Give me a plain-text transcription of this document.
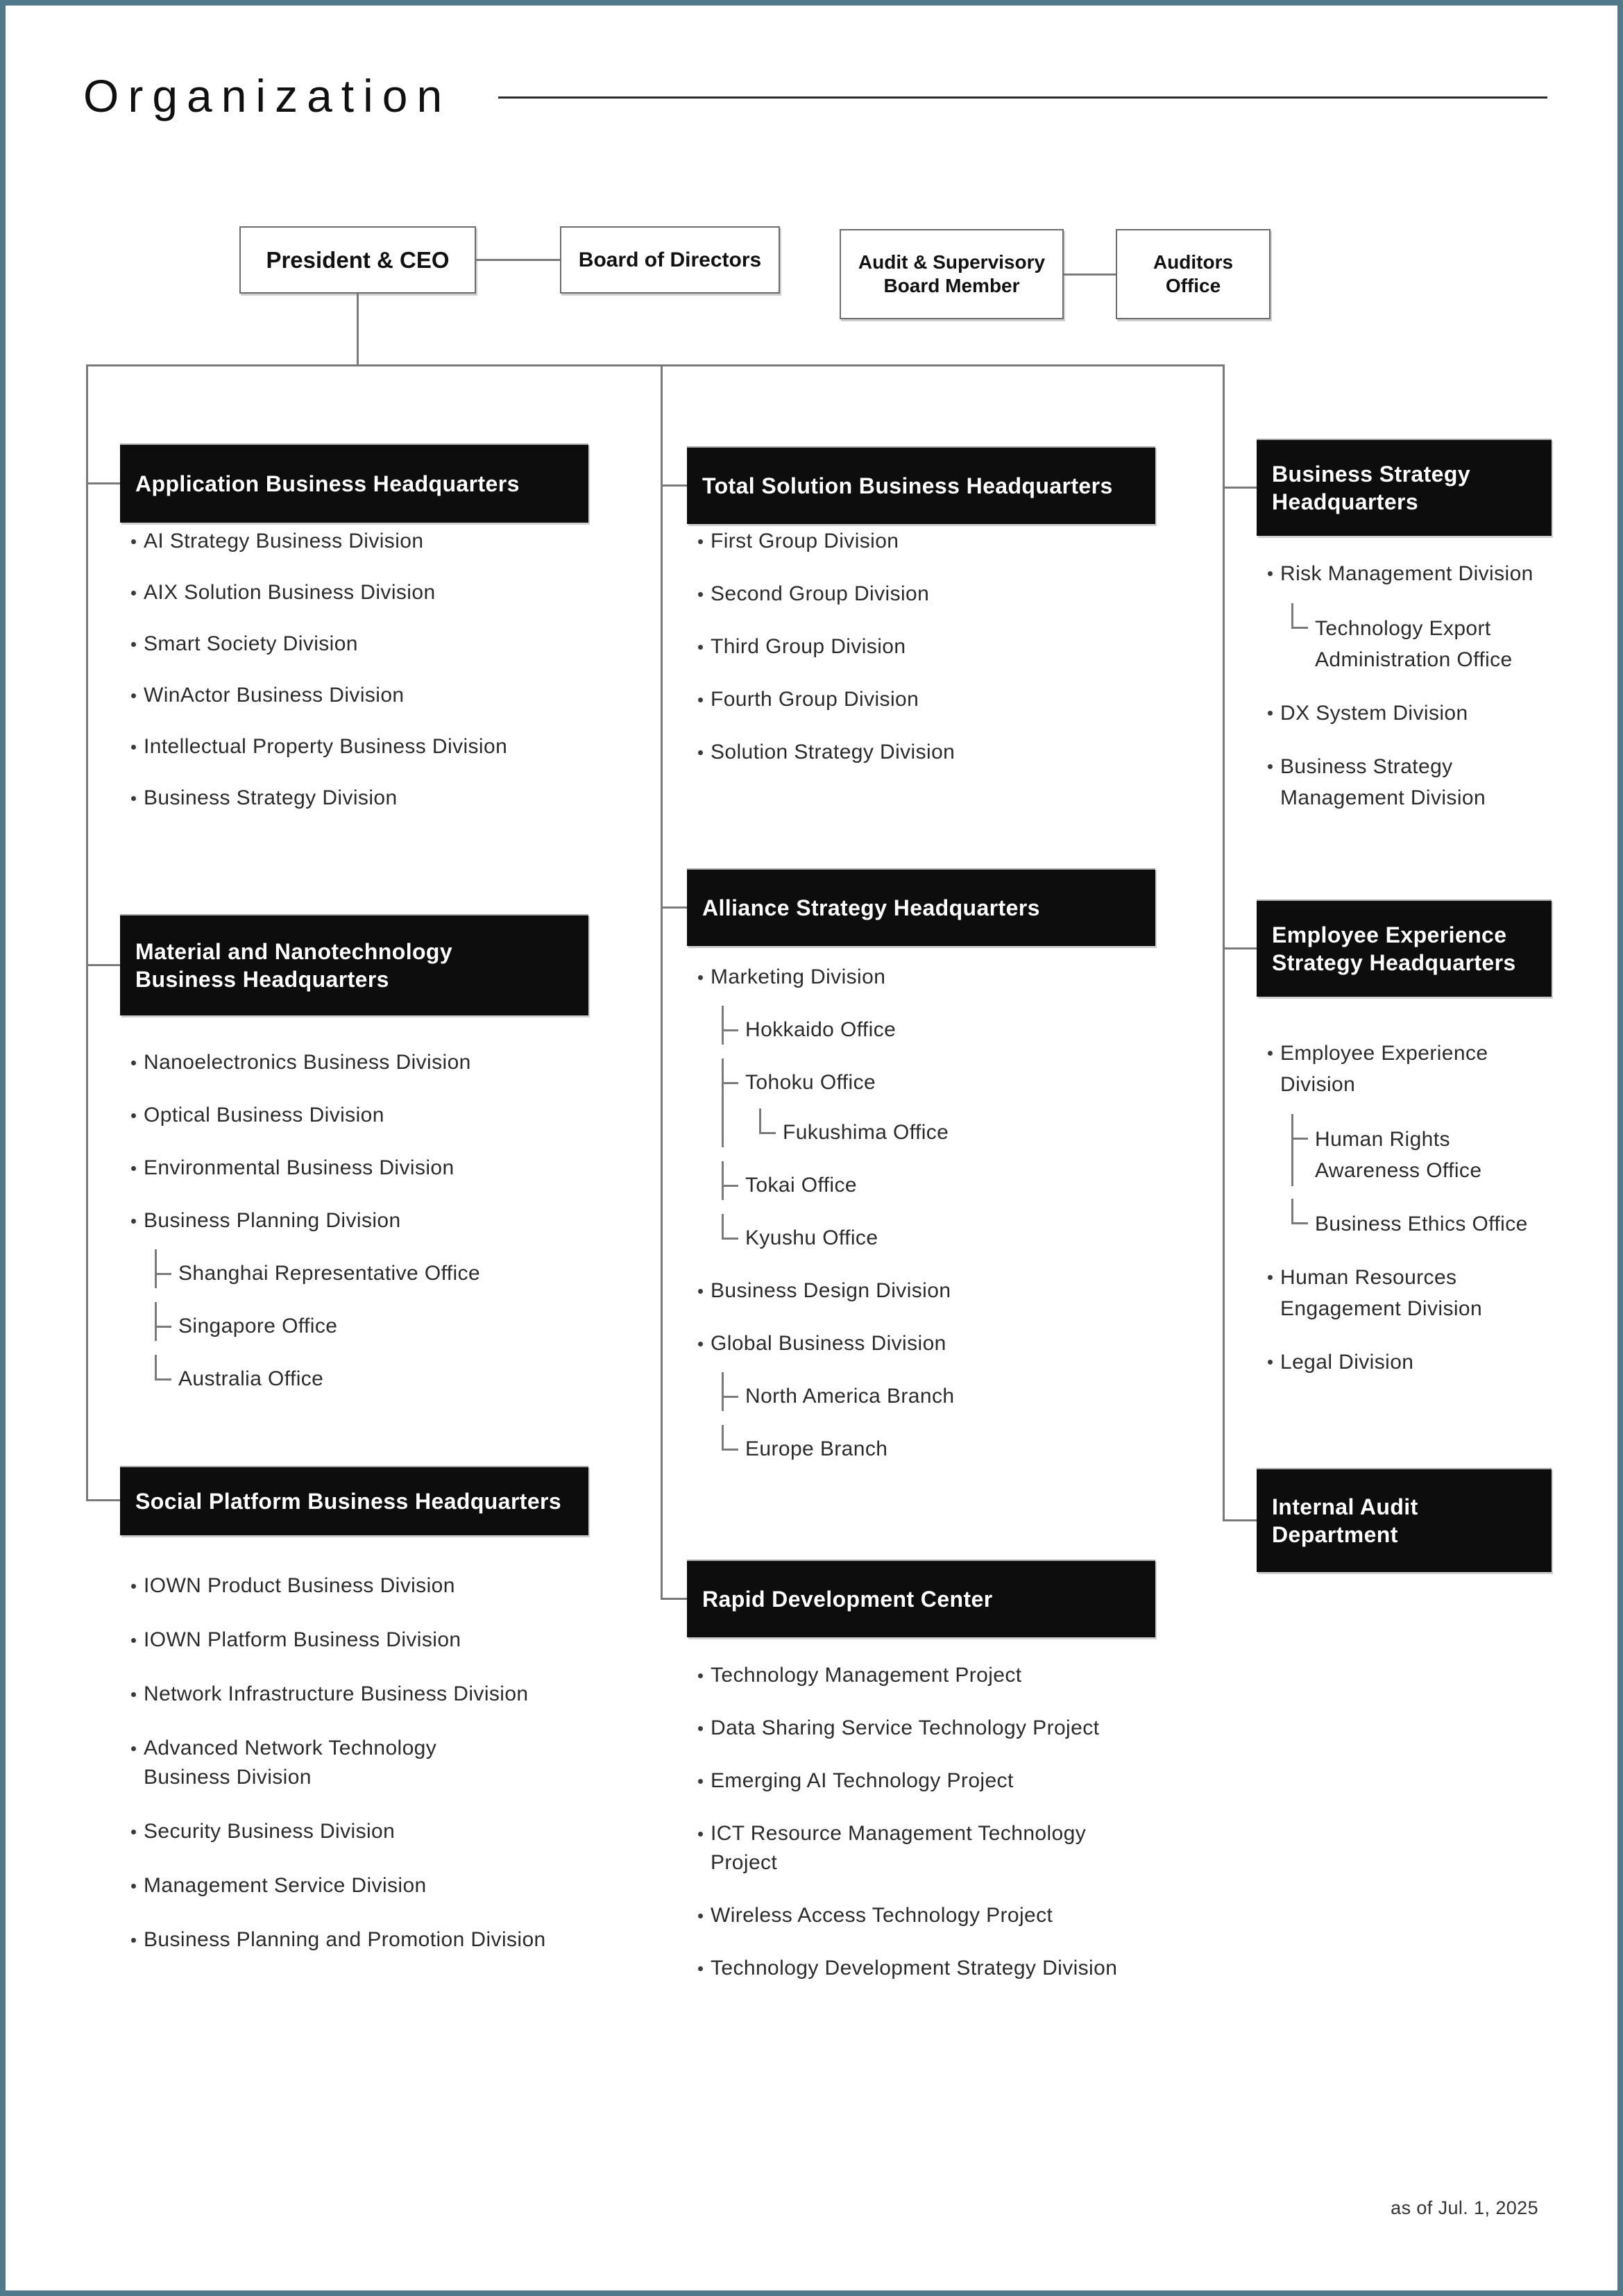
Organization
President & CEO	Board of Directors	Audit & Supervisory
Board Member
Auditors
Office
Application Business Headquarters
AI Strategy Business Division
AIX Solution Business Division
Smart Society Division
WinActor Business Division
Intellectual Property Business Division
Business Strategy Division
Material and Nanotechnology
Business Headquarters
Nanoelectronics Business Division
Optical Business Division
Environmental Business Division
Business Planning Division
Shanghai Representative Office
Singapore Office
Australia Office
Social Platform Business Headquarters
IOWN Product Business Division
IOWN Platform Business Division
Network Infrastructure Business Division
Advanced Network Technology
Business Division
Security Business Division
Management Service Division
Business Planning and Promotion Division
Total Solution Business Headquarters
First Group Division
Second Group Division
Third Group Division
Fourth Group Division
Solution Strategy Division
Alliance Strategy Headquarters
Marketing Division
Hokkaido Office
Tohoku Office
Fukushima Office
Tokai Office
Kyushu Office
Business Design Division
Global Business Division
North America Branch
Europe Branch
Rapid Development Center
Technology Management Project
Data Sharing Service Technology Project
Emerging AI Technology Project
ICT Resource Management Technology Project
Wireless Access Technology Project
Technology Development Strategy Division
Business Strategy
Headquarters
Risk Management Division
Technology Export
Administration Office
DX System Division
Business Strategy
Management Division
Employee Experience
Strategy Headquarters
Employee Experience
Division
Human Rights
Awareness Office
Business Ethics Office
Human Resources
Engagement Division
Legal Division
Internal Audit
Department
as of Jul. 1, 2025
